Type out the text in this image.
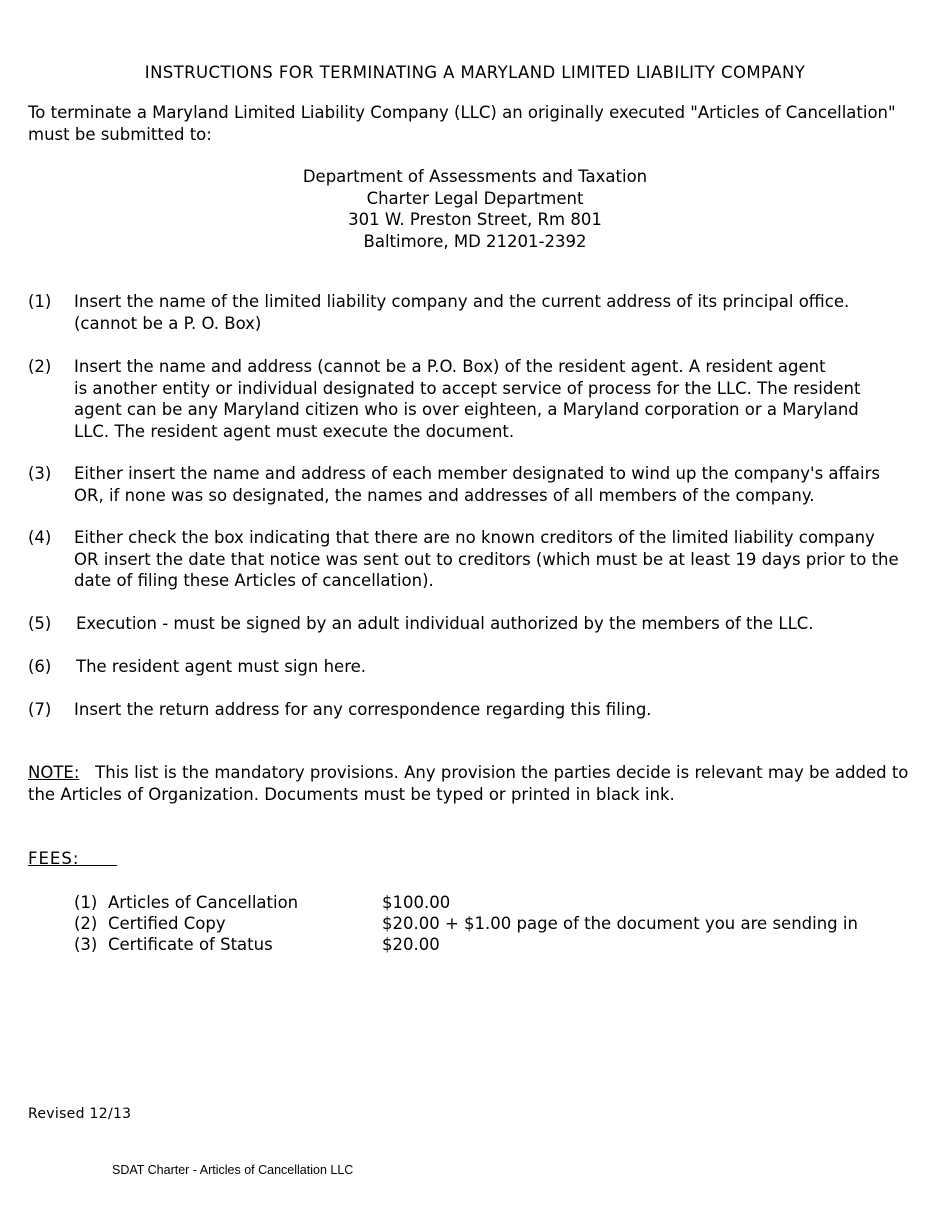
INSTRUCTIONS FOR TERMINATING A MARYLAND LIMITED LIABILITY COMPANY
To terminate a Maryland Limited Liability Company (LLC) an originally executed "Articles of Cancellation"
must be submitted to:
Department of Assessments and Taxation
Charter Legal Department
301 W. Preston Street, Rm 801
Baltimore, MD 21201-2392
(1) Insert the name of the limited liability company and the current address of its principal office.
(cannot be a P. O. Box)
(2) Insert the name and address (cannot be a P.O. Box) of the resident agent. A resident agent
is another entity or individual designated to accept service of process for the LLC. The resident
agent can be any Maryland citizen who is over eighteen, a Maryland corporation or a Maryland
LLC. The resident agent must execute the document.
(3) Either insert the name and address of each member designated to wind up the company's affairs
OR, if none was so designated, the names and addresses of all members of the company.
(4) Either check the box indicating that there are no known creditors of the limited liability company
OR insert the date that notice was sent out to creditors (which must be at least 19 days prior to the
date of filing these Articles of cancellation).
(5) Execution - must be signed by an adult individual authorized by the members of the LLC.
(6) The resident agent must sign here.
(7) Insert the return address for any correspondence regarding this filing.
NOTE: This list is the mandatory provisions. Any provision the parties decide is relevant may be added to
the Articles of Organization. Documents must be typed or printed in black ink.
FEES:
(1) Articles of Cancellation	$100.00
(2) Certified Copy	$20.00 + $1.00 page of the document you are sending in
(3) Certificate of Status	$20.00
Revised 12/13
SDAT Charter - Articles of Cancellation LLC
